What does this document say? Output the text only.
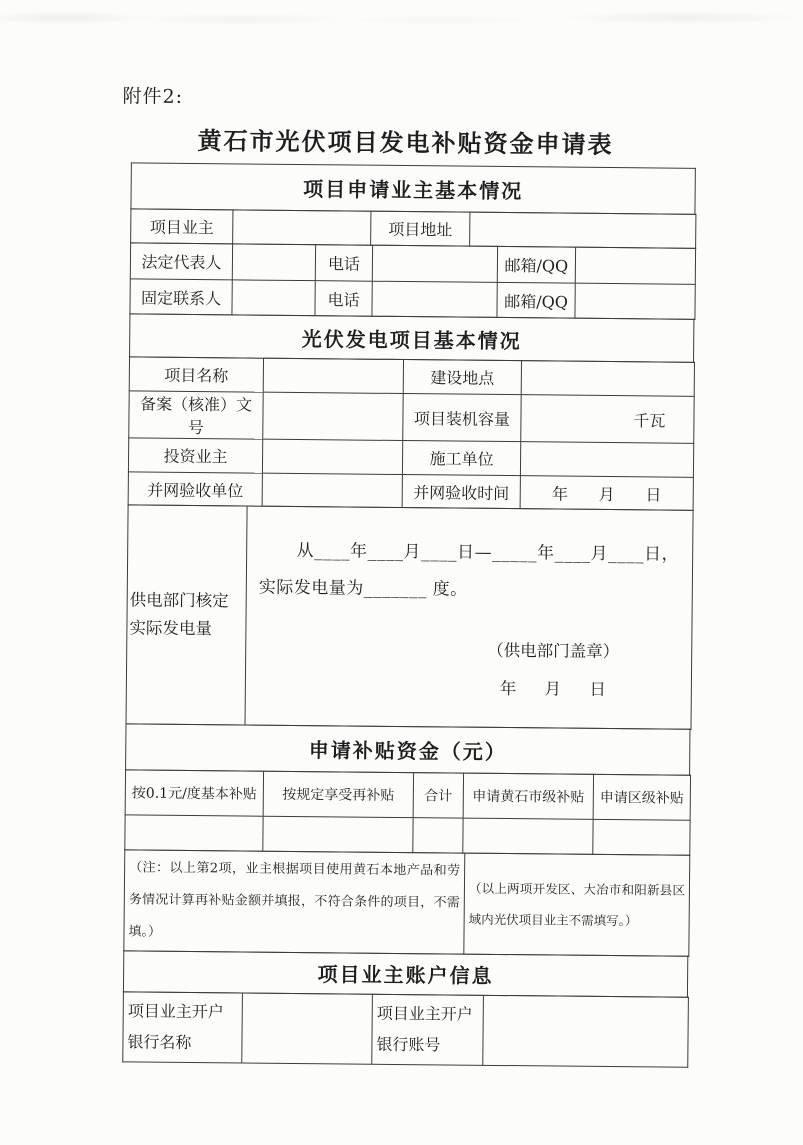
附件2:
黄石市光伏项目发电补贴资金申请表
项目申请业主基本情况
项目业主		项目地址	
法定代表人		电话		邮箱/QQ	
固定联系人		电话		邮箱/QQ	
光伏发电项目基本情况
项目名称		建设地点	
备案（核准）文号		项目装机容量	千瓦
投资业主		施工单位	
并网验收单位		并网验收时间	年 月 日
供电部门核定实际发电量	

从____年____月____日—_____年____月____日，实际发电量为_______ 度。

（供电部门盖章）
年 月 日
申请补贴资金（元）
按0.1元/度基本补贴	按规定享受再补贴	合计	申请黄石市级补贴	申请区级补贴

（注：以上第2项，业主根据项目使用黄石本地产品和劳务情况计算再补贴金额并填报，不符合条件的项目，不需填。）	（以上两项开发区、大冶市和阳新县区域内光伏项目业主不需填写。）
项目业主账户信息
项目业主开户银行名称		项目业主开户银行账号	
